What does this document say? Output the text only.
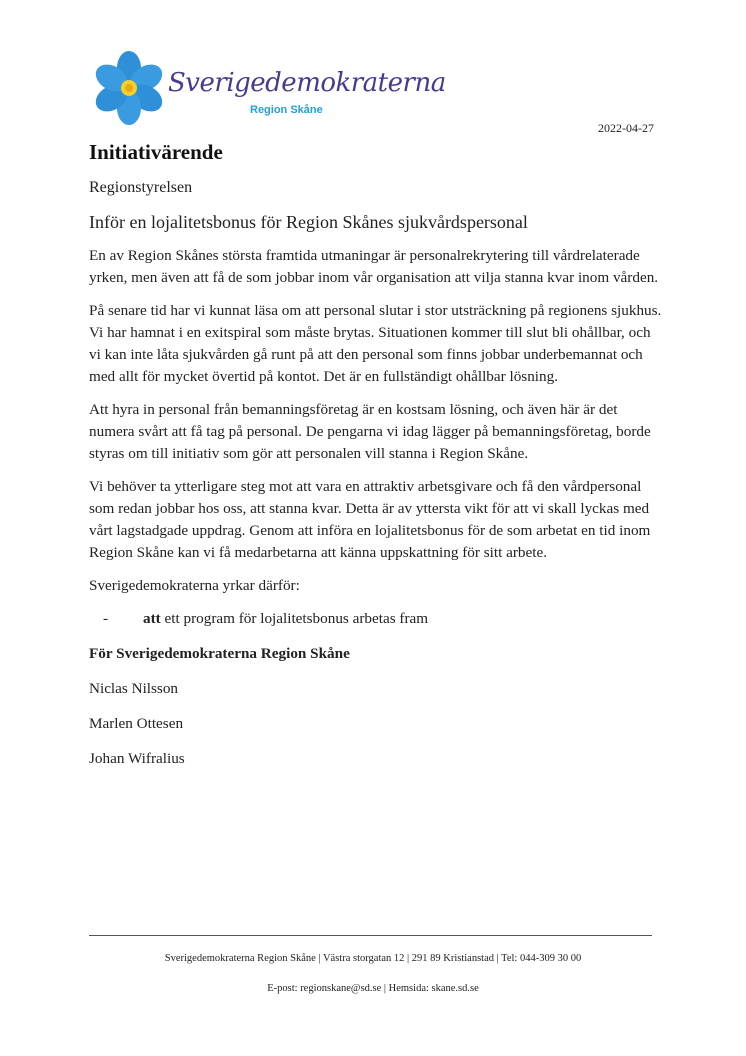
Sverigedemokraterna
Region Skåne
2022-04-27
Initiativärende

Regionstyrelsen

Inför en lojalitetsbonus för Region Skånes sjukvårdspersonal

En av Region Skånes största framtida utmaningar är personalrekrytering till vårdrelaterade yrken, men även att få de som jobbar inom vår organisation att vilja stanna kvar inom vården.

På senare tid har vi kunnat läsa om att personal slutar i stor utsträckning på regionens sjukhus. Vi har hamnat i en exitspiral som måste brytas. Situationen kommer till slut bli ohållbar, och vi kan inte låta sjukvården gå runt på att den personal som finns jobbar underbemannat och med allt för mycket övertid på kontot. Det är en fullständigt ohållbar lösning.

Att hyra in personal från bemanningsföretag är en kostsam lösning, och även här är det numera svårt att få tag på personal. De pengarna vi idag lägger på bemanningsföretag, borde styras om till initiativ som gör att personalen vill stanna i Region Skåne.

Vi behöver ta ytterligare steg mot att vara en attraktiv arbetsgivare och få den vårdpersonal som redan jobbar hos oss, att stanna kvar. Detta är av yttersta vikt för att vi skall lyckas med vårt lagstadgade uppdrag. Genom att införa en lojalitetsbonus för de som arbetat en tid inom Region Skåne kan vi få medarbetarna att känna uppskattning för sitt arbete.

Sverigedemokraterna yrkar därför:

- att ett program för lojalitetsbonus arbetas fram

För Sverigedemokraterna Region Skåne

Niclas Nilsson

Marlen Ottesen

Johan Wifralius

Sverigedemokraterna Region Skåne | Västra storgatan 12 | 291 89 Kristianstad | Tel: 044-309 30 00
E-post: regionskane@sd.se | Hemsida: skane.sd.se
